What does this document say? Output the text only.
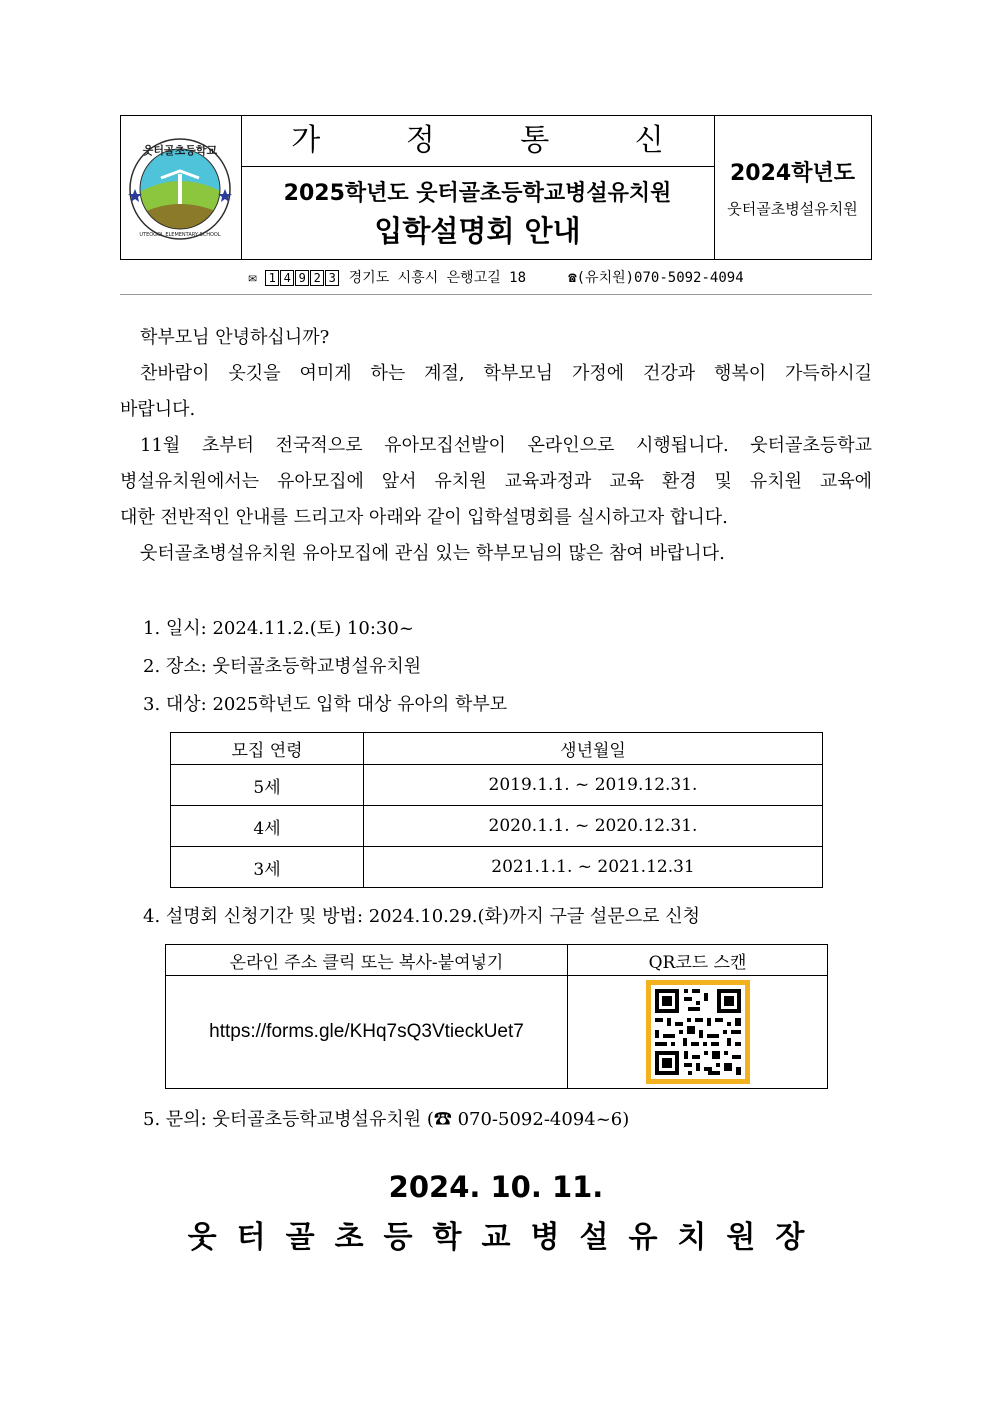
웃터골초등학교
UTEOGOL ELEMENTARY SCHOOL
가 정 통 신
2025학년도 웃터골초등학교병설유치원
입학설명회 안내
2024학년도
웃터골초병설유치원
✉ 1 4 9 2 3 경기도 시흥시 은행고길 18	☎(유치원)070-5092-4094
학부모님 안녕하십니까?
찬바람이 옷깃을 여미게 하는 계절, 학부모님 가정에 건강과 행복이 가득하시길
바랍니다.
11월 초부터 전국적으로 유아모집선발이 온라인으로 시행됩니다. 웃터골초등학교
병설유치원에서는 유아모집에 앞서 유치원 교육과정과 교육 환경 및 유치원 교육에
대한 전반적인 안내를 드리고자 아래와 같이 입학설명회를 실시하고자 합니다.
웃터골초병설유치원 유아모집에 관심 있는 학부모님의 많은 참여 바랍니다.
1. 일시: 2024.11.2.(토) 10:30~
2. 장소: 웃터골초등학교병설유치원
3. 대상: 2025학년도 입학 대상 유아의 학부모
모집 연령	생년월일
5세	2019.1.1. ~ 2019.12.31.
4세	2020.1.1. ~ 2020.12.31.
3세	2021.1.1. ~ 2021.12.31
4. 설명회 신청기간 및 방법: 2024.10.29.(화)까지 구글 설문으로 신청
온라인 주소 클릭 또는 복사-붙여넣기	QR코드 스캔
https://forms.gle/KHq7sQ3VtieckUet7	
5. 문의: 웃터골초등학교병설유치원 (☎ 070-5092-4094~6)
2024. 10. 11.
웃터골초등학교병설유치원장
